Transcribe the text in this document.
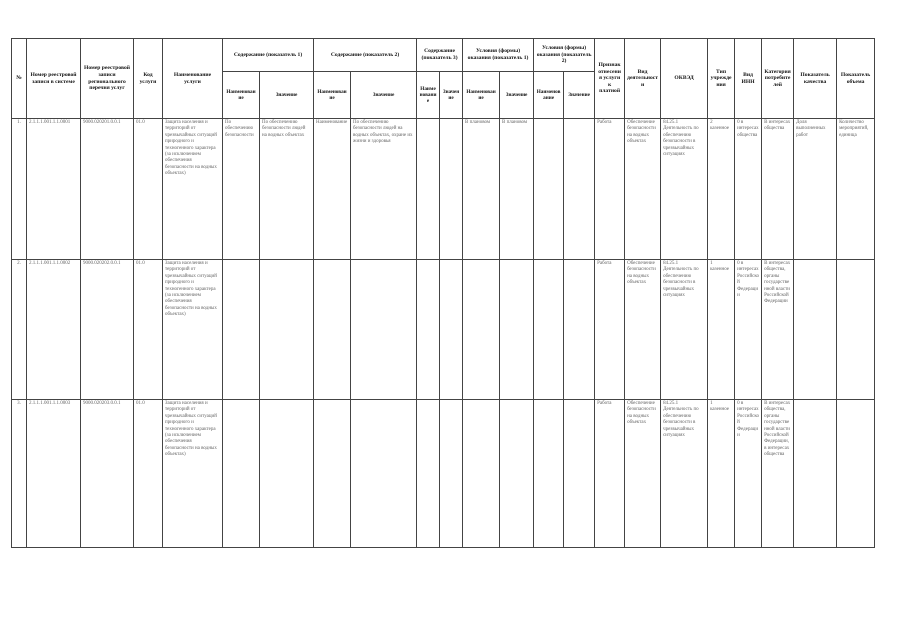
№	Номер реестровой записи в системе	Номер реестровой записи регионального перечня услуг	Код услуги	Наименование услуги	Содержание (показатель 1)		Содержание (показатель 2)		Содержание (показатель 3)		Условия (формы) оказания (показатель 1)		Условия (формы) оказания (показатель 2)		Признак отнесения услуги к платной	Вид деятельности	ОКВЭД	Тип учреждения	Вид ИНН	Категория потребителей	Показатель качества	Показатель объема
					Наименование	Значение	Наименование	Значение	Наименование	Значение	Наименование	Значение	Наименование	Значение								
1.	2.1.1.1.001.1.1.0001	9000.020201.0.0.1	01.0	Защита населения и территорий от чрезвычайных ситуаций природного и техногенного характера (за исключением обеспечения безопасности на водных объектах)	По обеспечению безопасности	По обеспечению безопасности людей на водных объектах	Наименование	По обеспечению безопасности людей на водных объектах, охране их жизни и здоровья			В плановом	В плановом			Работа	Обеспечение безопасности на водных объектах	84.25.1 Деятельность по обеспечению безопасности в чрезвычайных ситуациях	2 казенное	0 в интересах общества	В интересах общества	Доля выполненных работ	Количество мероприятий, единица
2.	2.1.1.1.001.1.1.0002	9000.020202.0.0.1	01.0	Защита населения и территорий от чрезвычайных ситуаций природного и техногенного характера (за исключением обеспечения безопасности на водных объектах)											Работа	Обеспечение безопасности на водных объектах	84.25.1 Деятельность по обеспечению безопасности в чрезвычайных ситуациях	1 казенное	0 в интересах Российской Федерации	В интересах общества, органы государственной власти Российской Федерации		
3.	2.1.1.1.001.1.1.0003	9000.020203.0.0.1	01.0	Защита населения и территорий от чрезвычайных ситуаций природного и техногенного характера (за исключением обеспечения безопасности на водных объектах)											Работа	Обеспечение безопасности на водных объектах	84.25.1 Деятельность по обеспечению безопасности в чрезвычайных ситуациях	1 казенное	0 в интересах Российской Федерации	В интересах общества, органы государственной власти Российской Федерации, в интересах общества		
